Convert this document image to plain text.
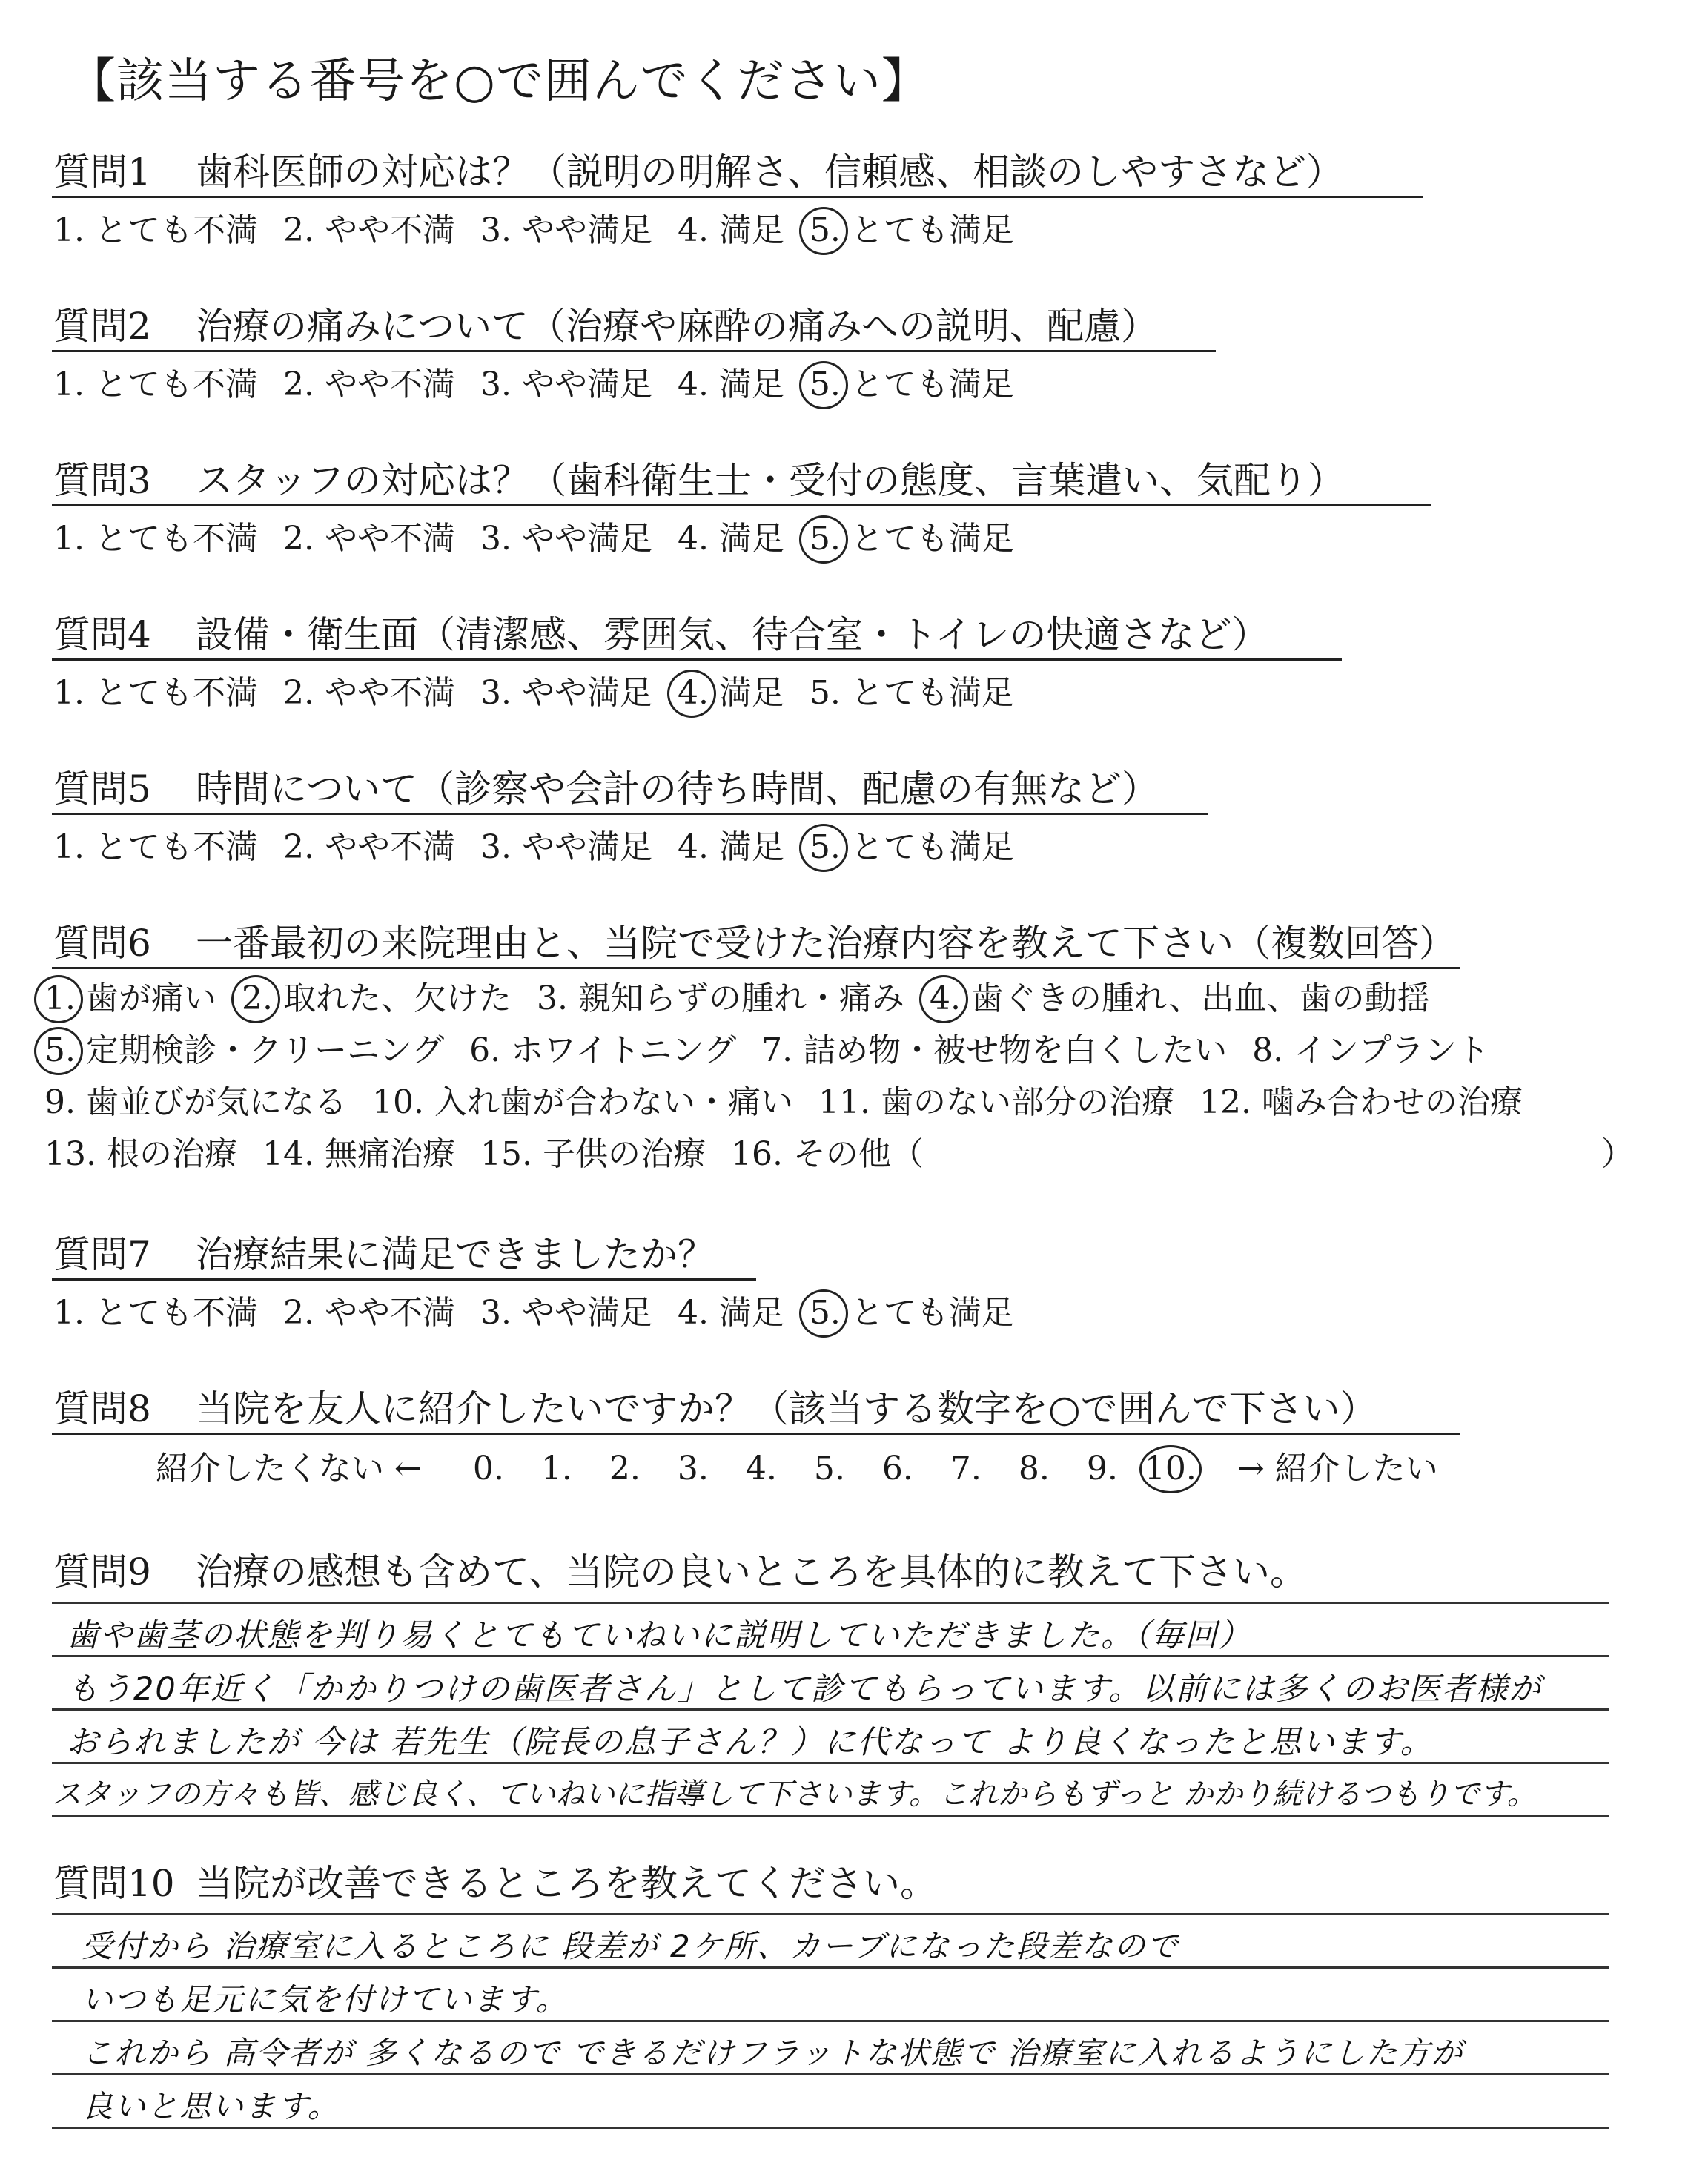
【該当する番号を○で囲んでください】
質問1 歯科医師の対応は？（説明の明解さ、信頼感、相談のしやすさなど）
1. とても不満 2. やや不満 3. やや満足 4. 満足 5. とても満足
質問2 治療の痛みについて（治療や麻酔の痛みへの説明、配慮）
1. とても不満 2. やや不満 3. やや満足 4. 満足 5. とても満足
質問3 スタッフの対応は？（歯科衛生士・受付の態度、言葉遣い、気配り）
1. とても不満 2. やや不満 3. やや満足 4. 満足 5. とても満足
質問4 設備・衛生面（清潔感、雰囲気、待合室・トイレの快適さなど）
1. とても不満 2. やや不満 3. やや満足 4. 満足 5. とても満足
質問5 時間について（診察や会計の待ち時間、配慮の有無など）
1. とても不満 2. やや不満 3. やや満足 4. 満足 5. とても満足
質問6 一番最初の来院理由と、当院で受けた治療内容を教えて下さい（複数回答）
1. 歯が痛い 2. 取れた、欠けた 3. 親知らずの腫れ・痛み 4. 歯ぐきの腫れ、出血、歯の動揺
5. 定期検診・クリーニング 6. ホワイトニング 7. 詰め物・被せ物を白くしたい 8. インプラント
9. 歯並びが気になる 10. 入れ歯が合わない・痛い 11. 歯のない部分の治療 12. 噛み合わせの治療
13. 根の治療 14. 無痛治療 15. 子供の治療 16. その他（	）
質問7 治療結果に満足できましたか？
1. とても不満 2. やや不満 3. やや満足 4. 満足 5. とても満足
質問8 当院を友人に紹介したいですか？（該当する数字を○で囲んで下さい）
紹介したくない ←　0. 1. 2. 3. 4. 5. 6. 7. 8. 9. 10.　→ 紹介したい
質問9 治療の感想も含めて、当院の良いところを具体的に教えて下さい。
歯や歯茎の状態を判り易くとてもていねいに説明していただきました。（毎回）
もう20年近く「かかりつけの歯医者さん」として診てもらっています。以前には多くのお医者様が
おられましたが 今は 若先生（院長の息子さん？）に代なって より良くなったと思います。
スタッフの方々も皆、感じ良く、ていねいに指導して下さいます。これからもずっと かかり続けるつもりです。
質問10 当院が改善できるところを教えてください。
受付から 治療室に入るところに 段差が 2ケ所、カーブになった段差なので
いつも足元に気を付けています。
これから 高令者が 多くなるので できるだけフラットな状態で 治療室に入れるようにした方が
良いと思います。
